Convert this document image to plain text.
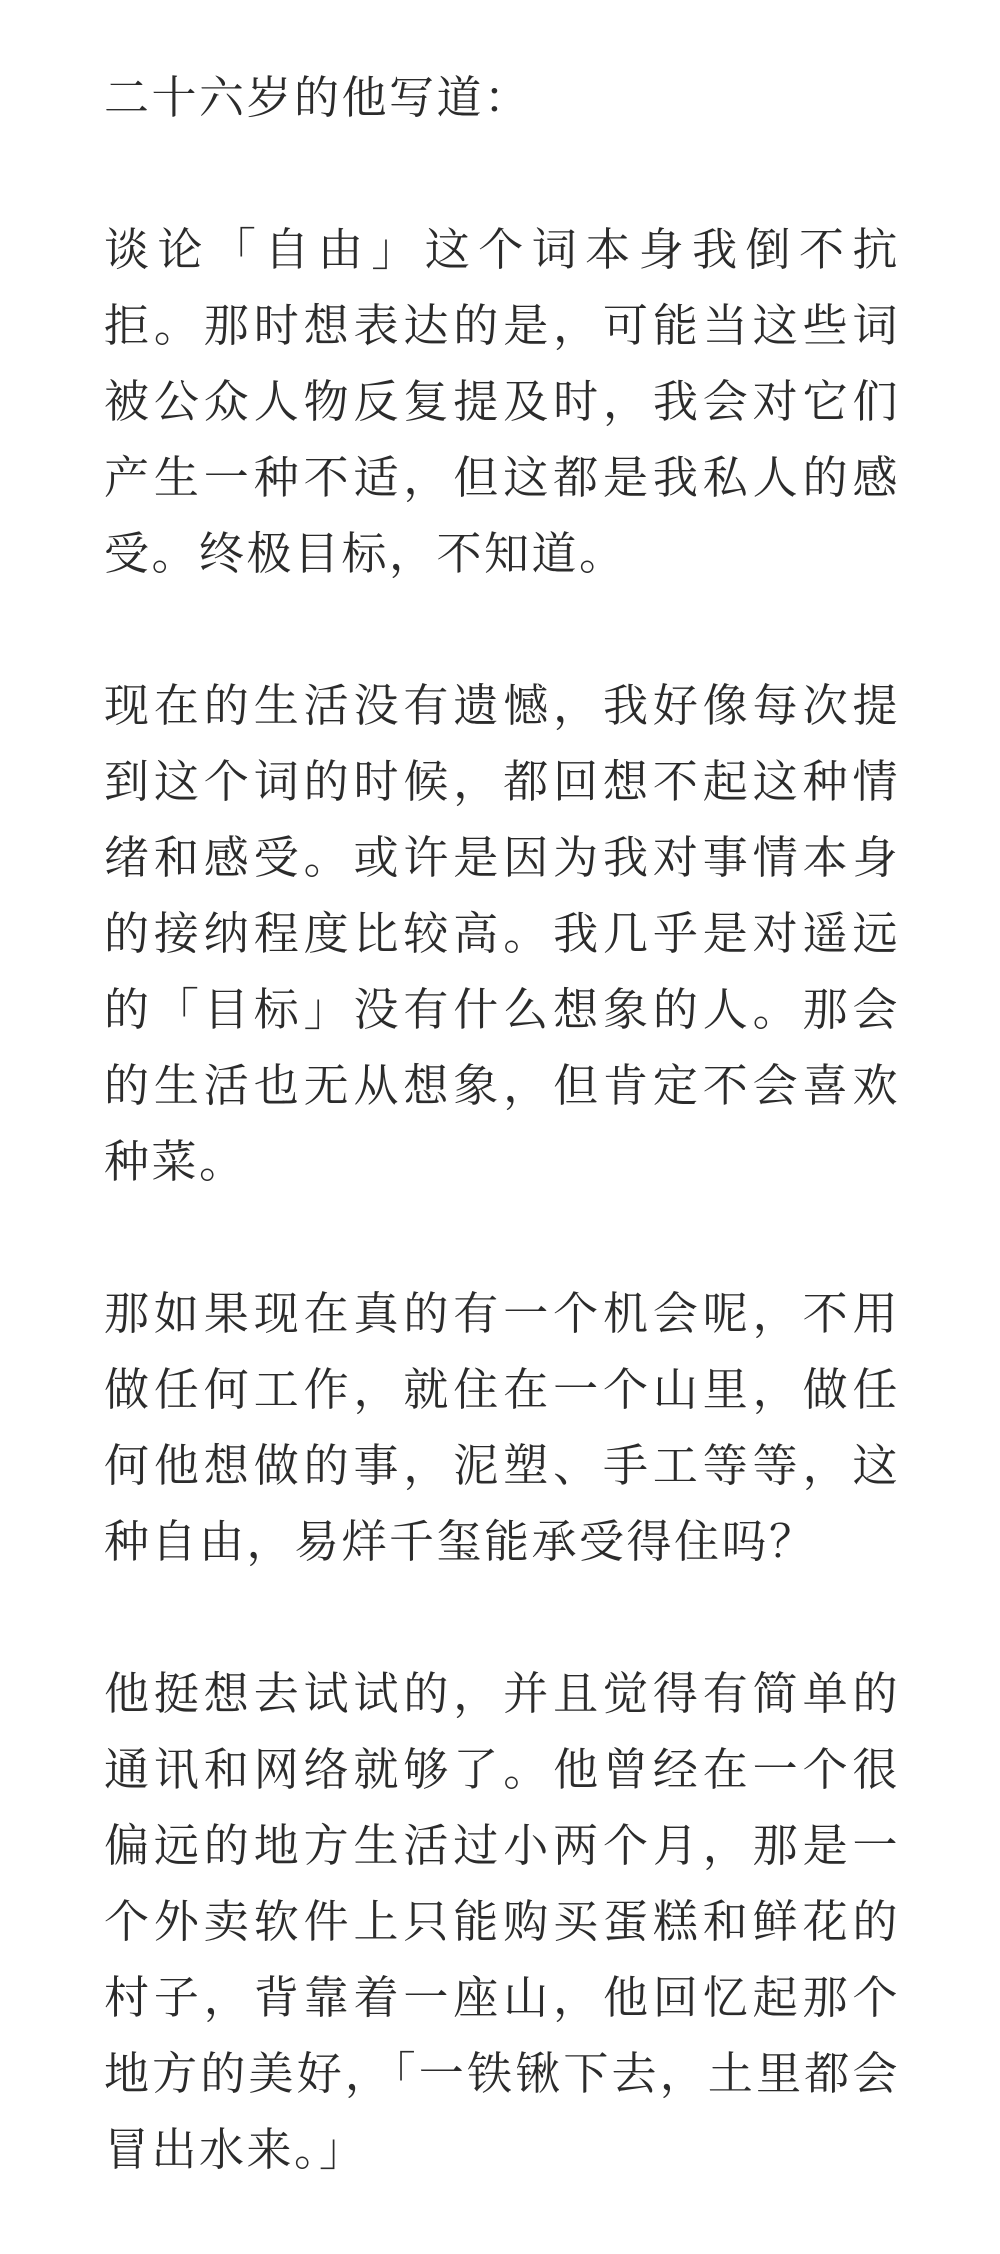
二十六岁的他写道：

谈论「自由」这个词本身我倒不抗拒。那时想表达的是，可能当这些词被公众人物反复提及时，我会对它们产生一种不适，但这都是我私人的感受。终极目标，不知道。

现在的生活没有遗憾，我好像每次提到这个词的时候，都回想不起这种情绪和感受。或许是因为我对事情本身的接纳程度比较高。我几乎是对遥远的「目标」没有什么想象的人。那会的生活也无从想象，但肯定不会喜欢种菜。

那如果现在真的有一个机会呢，不用做任何工作，就住在一个山里，做任何他想做的事，泥塑、手工等等，这种自由，易烊千玺能承受得住吗？

他挺想去试试的，并且觉得有简单的通讯和网络就够了。他曾经在一个很偏远的地方生活过小两个月，那是一个外卖软件上只能购买蛋糕和鲜花的村子，背靠着一座山，他回忆起那个地方的美好，「一铁锹下去，土里都会冒出水来。」
